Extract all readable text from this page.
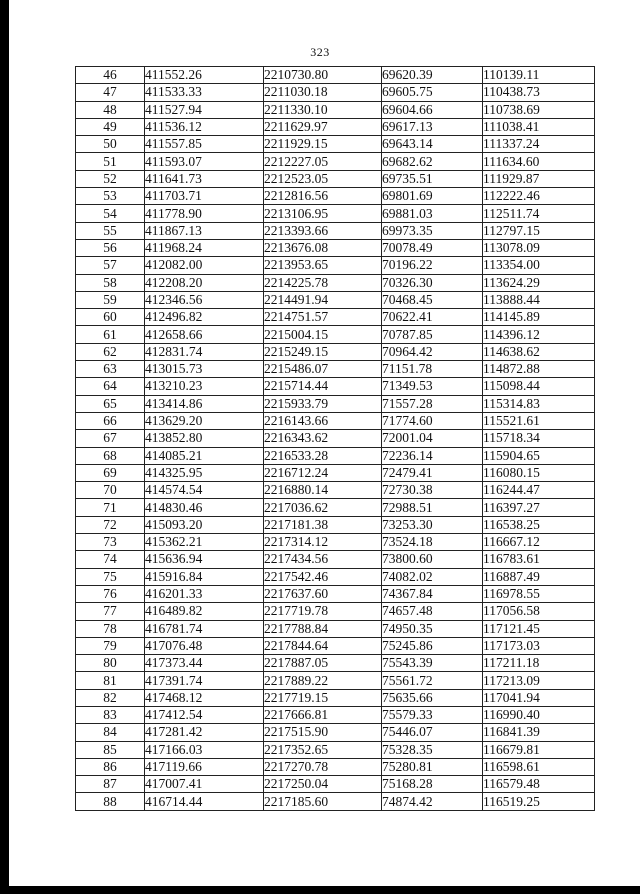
323
46	411552.26	2210730.80	69620.39	110139.11
47	411533.33	2211030.18	69605.75	110438.73
48	411527.94	2211330.10	69604.66	110738.69
49	411536.12	2211629.97	69617.13	111038.41
50	411557.85	2211929.15	69643.14	111337.24
51	411593.07	2212227.05	69682.62	111634.60
52	411641.73	2212523.05	69735.51	111929.87
53	411703.71	2212816.56	69801.69	112222.46
54	411778.90	2213106.95	69881.03	112511.74
55	411867.13	2213393.66	69973.35	112797.15
56	411968.24	2213676.08	70078.49	113078.09
57	412082.00	2213953.65	70196.22	113354.00
58	412208.20	2214225.78	70326.30	113624.29
59	412346.56	2214491.94	70468.45	113888.44
60	412496.82	2214751.57	70622.41	114145.89
61	412658.66	2215004.15	70787.85	114396.12
62	412831.74	2215249.15	70964.42	114638.62
63	413015.73	2215486.07	71151.78	114872.88
64	413210.23	2215714.44	71349.53	115098.44
65	413414.86	2215933.79	71557.28	115314.83
66	413629.20	2216143.66	71774.60	115521.61
67	413852.80	2216343.62	72001.04	115718.34
68	414085.21	2216533.28	72236.14	115904.65
69	414325.95	2216712.24	72479.41	116080.15
70	414574.54	2216880.14	72730.38	116244.47
71	414830.46	2217036.62	72988.51	116397.27
72	415093.20	2217181.38	73253.30	116538.25
73	415362.21	2217314.12	73524.18	116667.12
74	415636.94	2217434.56	73800.60	116783.61
75	415916.84	2217542.46	74082.02	116887.49
76	416201.33	2217637.60	74367.84	116978.55
77	416489.82	2217719.78	74657.48	117056.58
78	416781.74	2217788.84	74950.35	117121.45
79	417076.48	2217844.64	75245.86	117173.03
80	417373.44	2217887.05	75543.39	117211.18
81	417391.74	2217889.22	75561.72	117213.09
82	417468.12	2217719.15	75635.66	117041.94
83	417412.54	2217666.81	75579.33	116990.40
84	417281.42	2217515.90	75446.07	116841.39
85	417166.03	2217352.65	75328.35	116679.81
86	417119.66	2217270.78	75280.81	116598.61
87	417007.41	2217250.04	75168.28	116579.48
88	416714.44	2217185.60	74874.42	116519.25
